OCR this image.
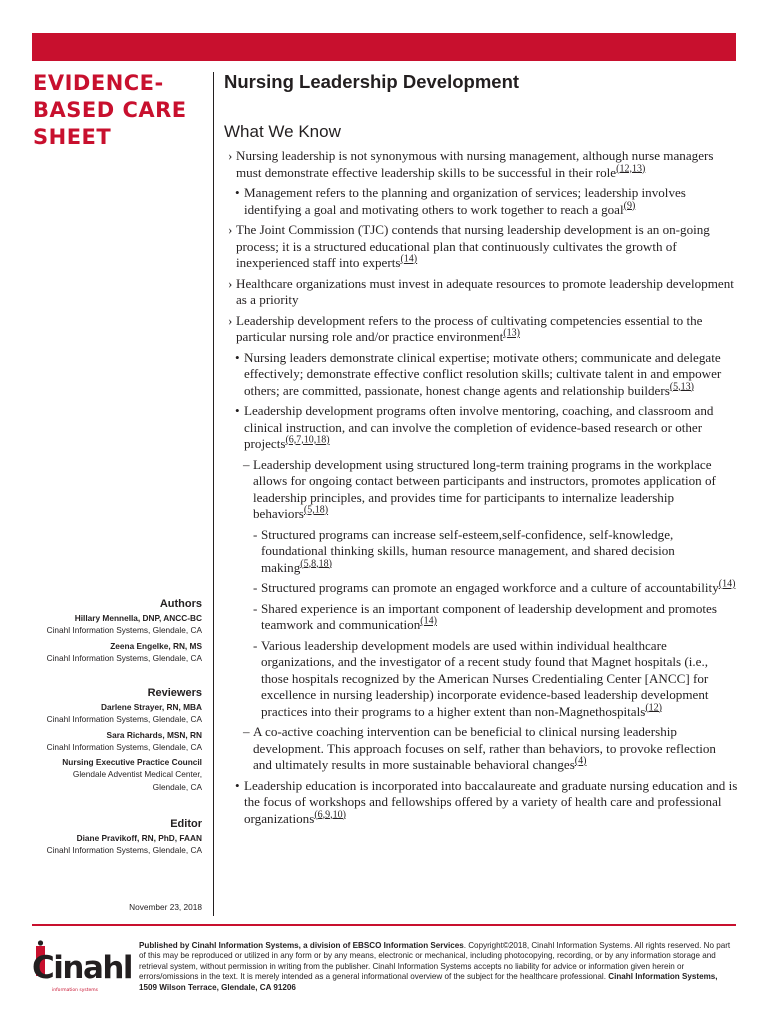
EVIDENCE-BASED CARE SHEET
Nursing Leadership Development
What We Know
› Nursing leadership is not synonymous with nursing management, although nurse managers must demonstrate effective leadership skills to be successful in their role$^{(12,13)}$
• Management refers to the planning and organization of services; leadership involves identifying a goal and motivating others to work together to reach a goal$^{(9)}$
› The Joint Commission (TJC) contends that nursing leadership development is an on-going process; it is a structured educational plan that continuously cultivates the growth of inexperienced staff into experts$^{(14)}$
› Healthcare organizations must invest in adequate resources to promote leadership development as a priority
› Leadership development refers to the process of cultivating competencies essential to the particular nursing role and/or practice environment$^{(13)}$
• Nursing leaders demonstrate clinical expertise; motivate others; communicate and delegate effectively; demonstrate effective conflict resolution skills; cultivate talent in and empower others; are committed, passionate, honest change agents and relationship builders$^{(5,13)}$
• Leadership development programs often involve mentoring, coaching, and classroom and clinical instruction, and can involve the completion of evidence-based research or other projects$^{(6,7,10,18)}$
– Leadership development using structured long-term training programs in the workplace allows for ongoing contact between participants and instructors, promotes application of leadership principles, and provides time for participants to internalize leadership behaviors$^{(5,18)}$
- Structured programs can increase self-esteem,self-confidence, self-knowledge, foundational thinking skills, human resource management, and shared decision making$^{(5,8,18)}$
- Structured programs can promote an engaged workforce and a culture of accountability$^{(14)}$
- Shared experience is an important component of leadership development and promotes teamwork and communication$^{(14)}$
- Various leadership development models are used within individual healthcare organizations, and the investigator of a recent study found that Magnet hospitals (i.e., those hospitals recognized by the American Nurses Credentialing Center [ANCC] for excellence in nursing leadership) incorporate evidence-based leadership development practices into their programs to a higher extent than non-Magnethospitals$^{(12)}$
– A co-active coaching intervention can be beneficial to clinical nursing leadership development. This approach focuses on self, rather than behaviors, to provoke reflection and ultimately results in more sustainable behavioral changes$^{(4)}$
• Leadership education is incorporated into baccalaureate and graduate nursing education and is the focus of workshops and fellowships offered by a variety of health care and professional organizations$^{(6,9,10)}$
Authors
Hillary Mennella, DNP, ANCC-BC
Cinahl Information Systems, Glendale, CA
Zeena Engelke, RN, MS
Cinahl Information Systems, Glendale, CA
Reviewers
Darlene Strayer, RN, MBA
Cinahl Information Systems, Glendale, CA
Sara Richards, MSN, RN
Cinahl Information Systems, Glendale, CA
Nursing Executive Practice Council
Glendale Adventist Medical Center,
Glendale, CA
Editor
Diane Pravikoff, RN, PhD, FAAN
Cinahl Information Systems, Glendale, CA
November 23, 2018
Cinahl
information systems
Published by Cinahl Information Systems, a division of EBSCO Information Services. Copyright©2018, Cinahl Information Systems. All rights reserved. No part of this may be reproduced or utilized in any form or by any means, electronic or mechanical, including photocopying, recording, or by any information storage and retrieval system, without permission in writing from the publisher. Cinahl Information Systems accepts no liability for advice or information given herein or errors/omissions in the text. It is merely intended as a general informational overview of the subject for the healthcare professional. Cinahl Information Systems, 1509 Wilson Terrace, Glendale, CA 91206
